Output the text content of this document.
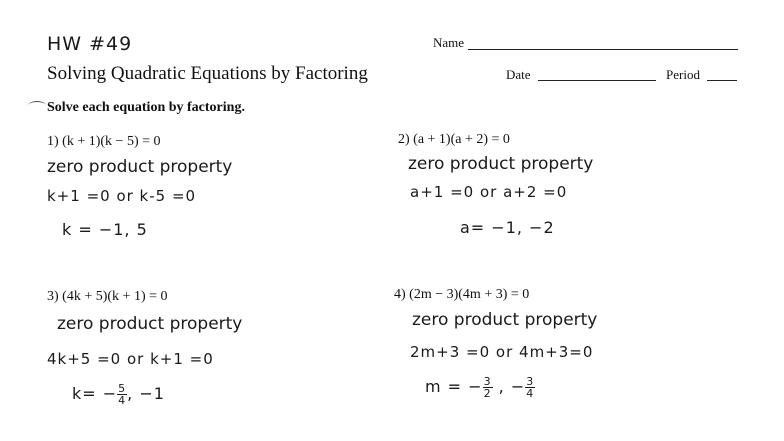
HW #49
Solving Quadratic Equations by Factoring
Name
Date	Period
Solve each equation by factoring.
1) (k + 1)(k − 5) = 0
zero product property
k+1 =0 or k-5 =0
k = −1, 5
2) (a + 1)(a + 2) = 0
zero product property
a+1 =0 or a+2 =0
a= −1, −2
3) (4k + 5)(k + 1) = 0
zero product property
4k+5 =0 or k+1 =0
$k= - \frac{5}{4}$ , −1
4) (2m − 3)(4m + 3) = 0
zero product property
2m+3 =0 or 4m+3=0
m = − $\frac{3}{2}$ , − $\frac{3}{4}$
